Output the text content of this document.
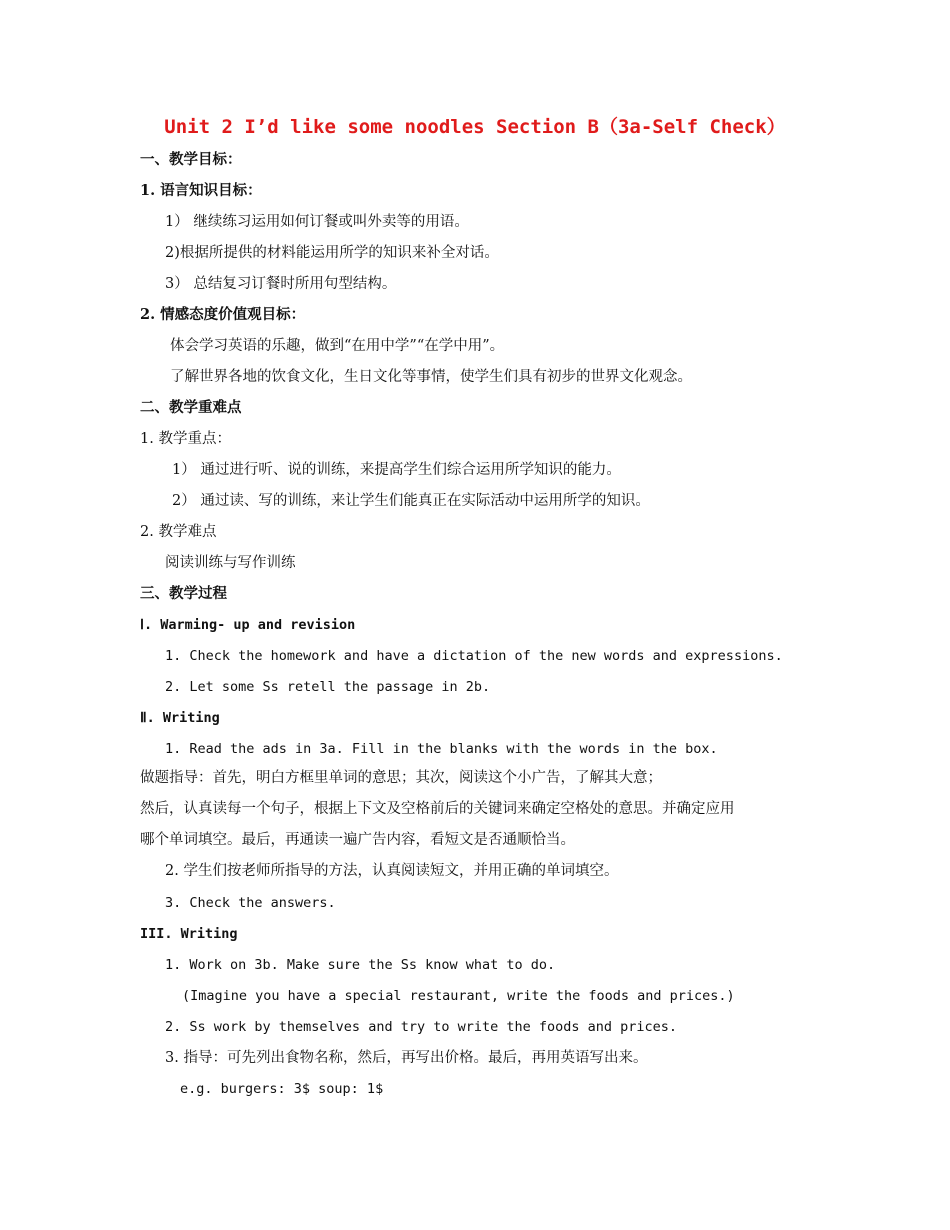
Unit 2 I’d like some noodles Section B（3a-Self Check）
一、教学目标：
1. 语言知识目标：
1） 继续练习运用如何订餐或叫外卖等的用语。
2)根据所提供的材料能运用所学的知识来补全对话。
3） 总结复习订餐时所用句型结构。
2. 情感态度价值观目标：
体会学习英语的乐趣，做到“在用中学”“在学中用”。
了解世界各地的饮食文化，生日文化等事情，使学生们具有初步的世界文化观念。
二、教学重难点
1. 教学重点：
1） 通过进行听、说的训练，来提高学生们综合运用所学知识的能力。
2） 通过读、写的训练，来让学生们能真正在实际活动中运用所学的知识。
2. 教学难点
阅读训练与写作训练
三、教学过程
Ⅰ. Warming- up and revision
1. Check the homework and have a dictation of the new words and expressions.
2. Let some Ss retell the passage in 2b.
Ⅱ. Writing
1. Read the ads in 3a. Fill in the blanks with the words in the box.
做题指导：首先，明白方框里单词的意思；其次，阅读这个小广告，了解其大意；
然后，认真读每一个句子，根据上下文及空格前后的关键词来确定空格处的意思。并确定应用
哪个单词填空。最后，再通读一遍广告内容，看短文是否通顺恰当。
2. 学生们按老师所指导的方法，认真阅读短文，并用正确的单词填空。
3. Check the answers.
III. Writing
1. Work on 3b. Make sure the Ss know what to do.
(Imagine you have a special restaurant, write the foods and prices.)
2. Ss work by themselves and try to write the foods and prices.
3. 指导：可先列出食物名称，然后，再写出价格。最后，再用英语写出来。
e.g. burgers: 3$ soup: 1$
